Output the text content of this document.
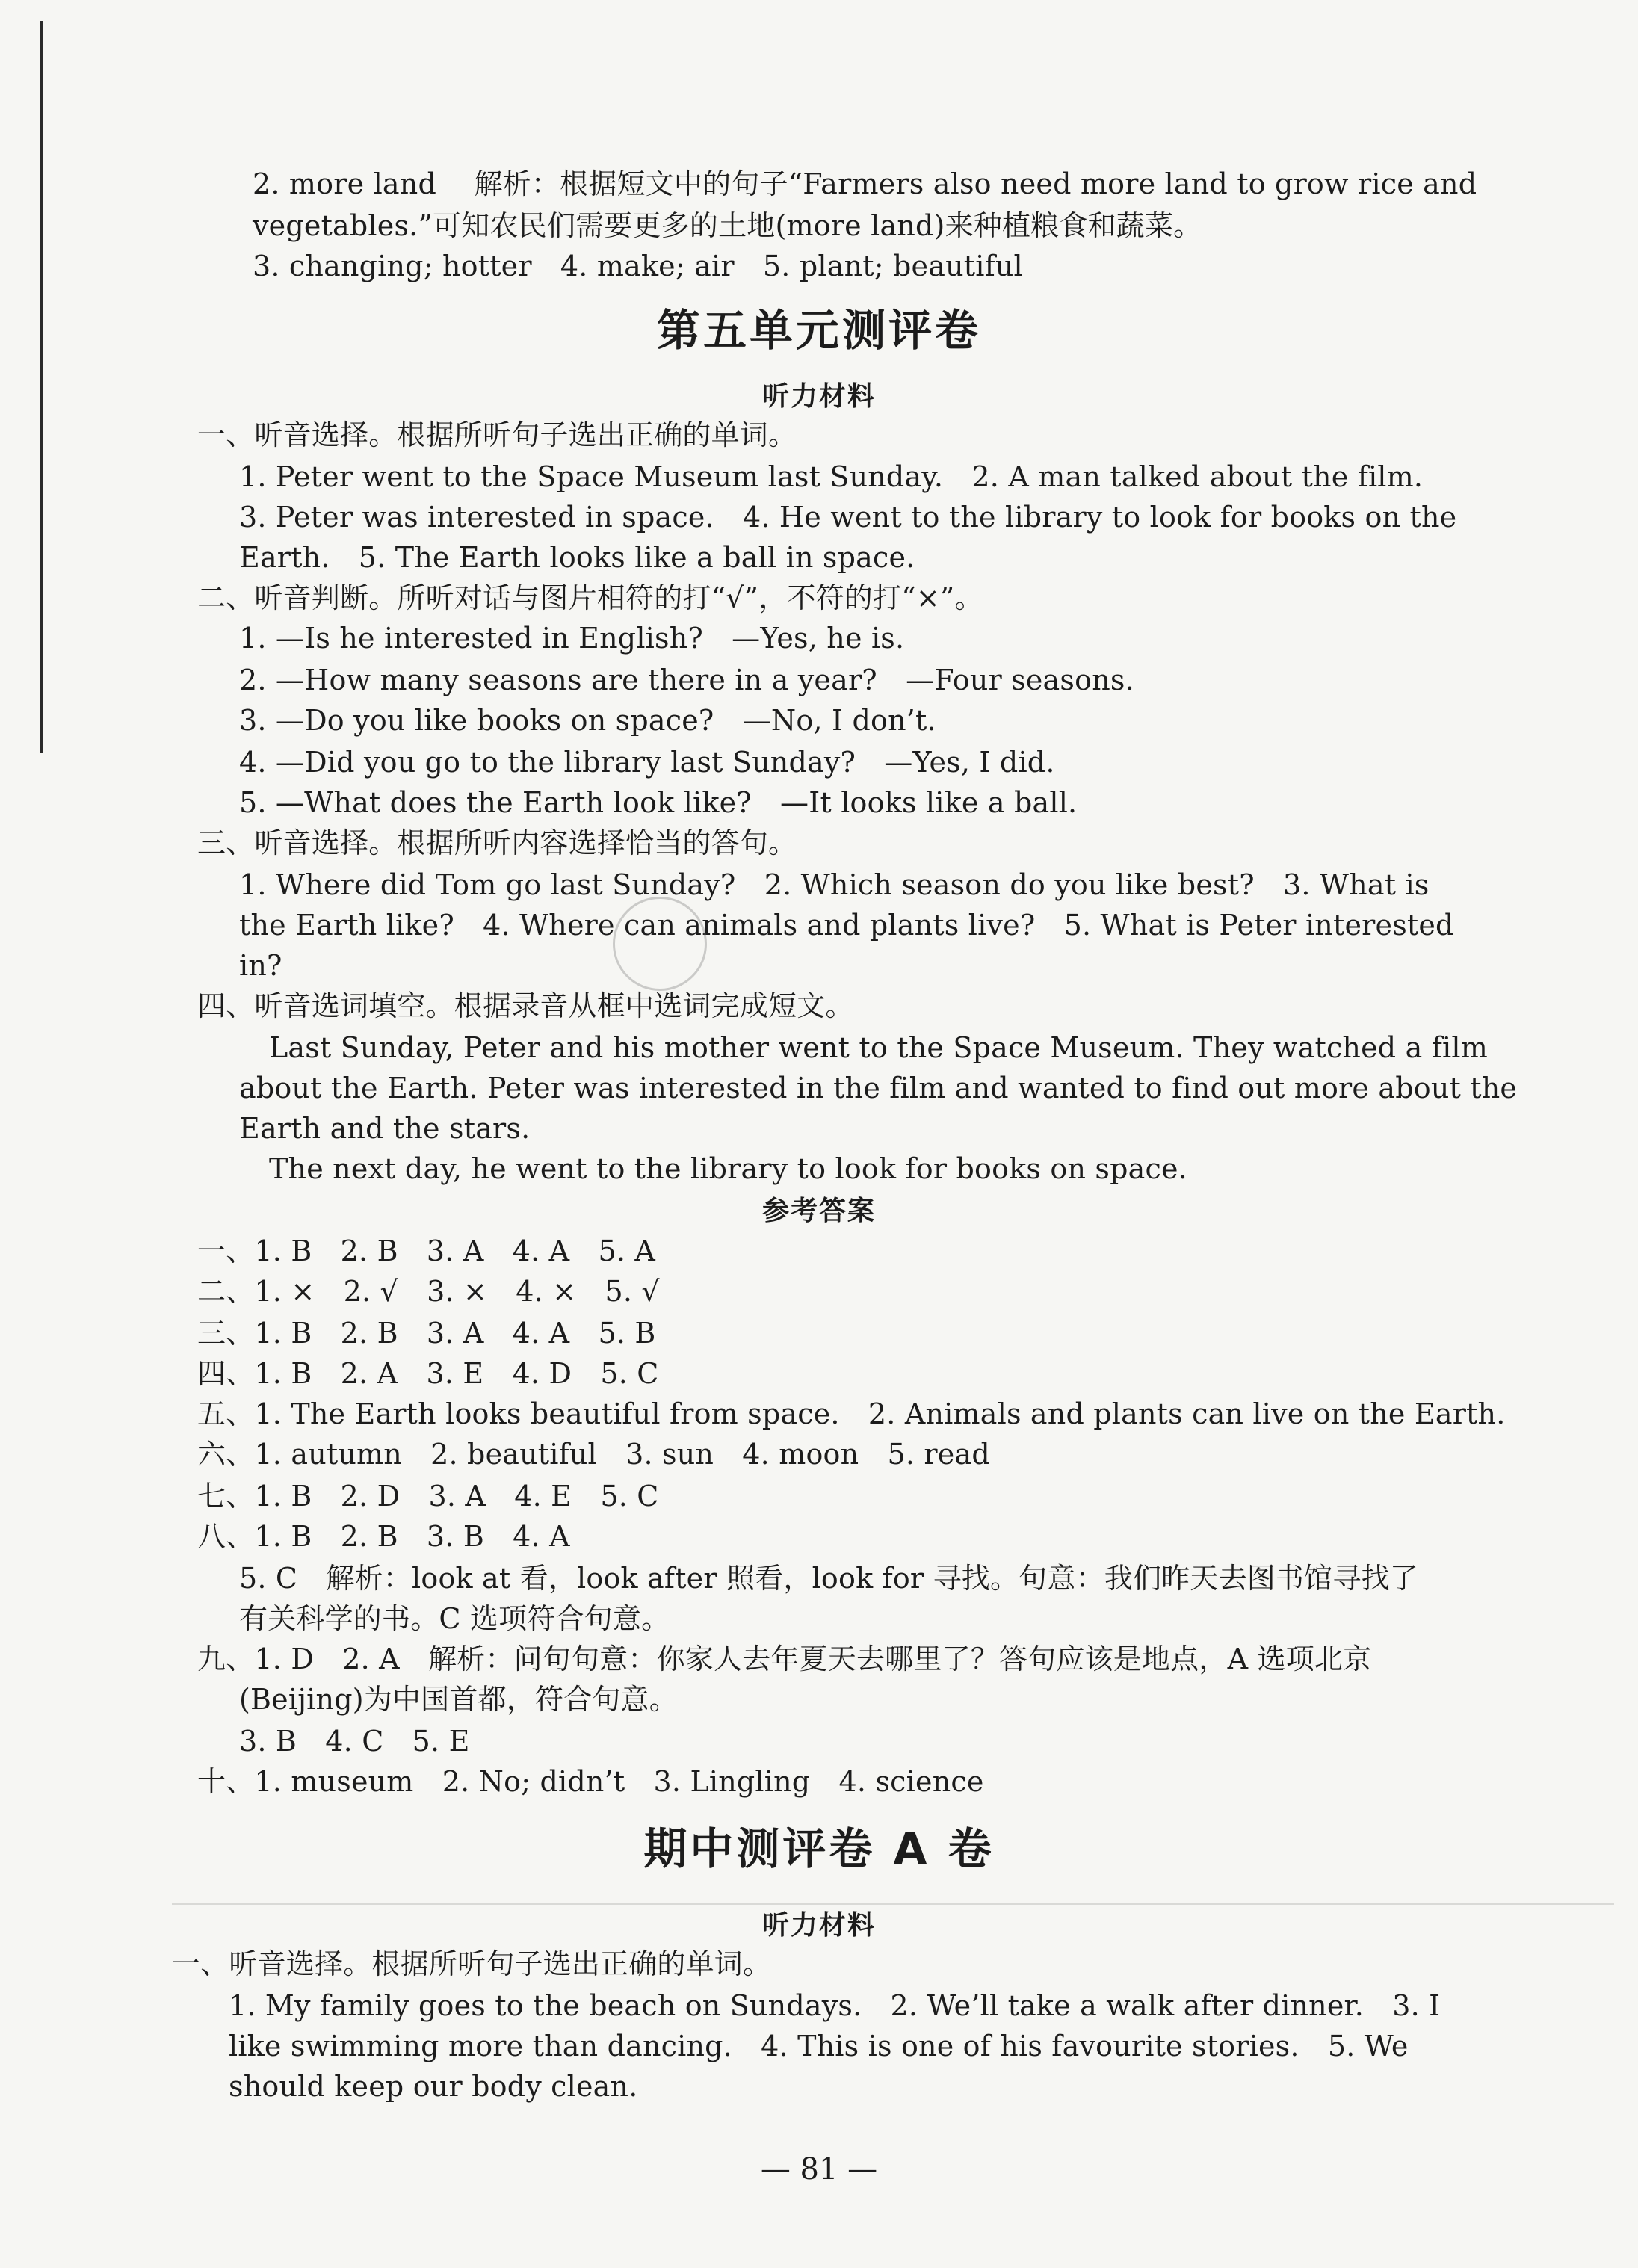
2. more land　 解析：根据短文中的句子“Farmers also need more land to grow rice and
vegetables.”可知农民们需要更多的土地(more land)来种植粮食和蔬菜。
3. changing; hotter　4. make; air　5. plant; beautiful
第五单元测评卷
听力材料
一、听音选择。根据所听句子选出正确的单词。
1. Peter went to the Space Museum last Sunday.　2. A man talked about the film.
3. Peter was interested in space.　4. He went to the library to look for books on the
Earth.　5. The Earth looks like a ball in space.
二、听音判断。所听对话与图片相符的打“√”，不符的打“×”。
1. —Is he interested in English?　—Yes, he is.
2. —How many seasons are there in a year?　—Four seasons.
3. —Do you like books on space?　—No, I don’t.
4. —Did you go to the library last Sunday?　—Yes, I did.
5. —What does the Earth look like?　—It looks like a ball.
三、听音选择。根据所听内容选择恰当的答句。
1. Where did Tom go last Sunday?　2. Which season do you like best?　3. What is
the Earth like?　4. Where can animals and plants live?　5. What is Peter interested
in?
四、听音选词填空。根据录音从框中选词完成短文。
Last Sunday, Peter and his mother went to the Space Museum. They watched a film
about the Earth. Peter was interested in the film and wanted to find out more about the
Earth and the stars.
The next day, he went to the library to look for books on space.
参考答案
一、1. B　2. B　3. A　4. A　5. A
二、1. ×　2. √　3. ×　4. ×　5. √
三、1. B　2. B　3. A　4. A　5. B
四、1. B　2. A　3. E　4. D　5. C
五、1. The Earth looks beautiful from space.　2. Animals and plants can live on the Earth.
六、1. autumn　2. beautiful　3. sun　4. moon　5. read
七、1. B　2. D　3. A　4. E　5. C
八、1. B　2. B　3. B　4. A
5. C　解析：look at 看，look after 照看，look for 寻找。句意：我们昨天去图书馆寻找了
有关科学的书。C 选项符合句意。
九、1. D　2. A　解析：问句句意：你家人去年夏天去哪里了？答句应该是地点，A 选项北京
(Beijing)为中国首都，符合句意。
3. B　4. C　5. E
十、1. museum　2. No; didn’t　3. Lingling　4. science
期中测评卷 A 卷
听力材料
一、听音选择。根据所听句子选出正确的单词。
1. My family goes to the beach on Sundays.　2. We’ll take a walk after dinner.　3. I
like swimming more than dancing.　4. This is one of his favourite stories.　5. We
should keep our body clean.
— 81 —
